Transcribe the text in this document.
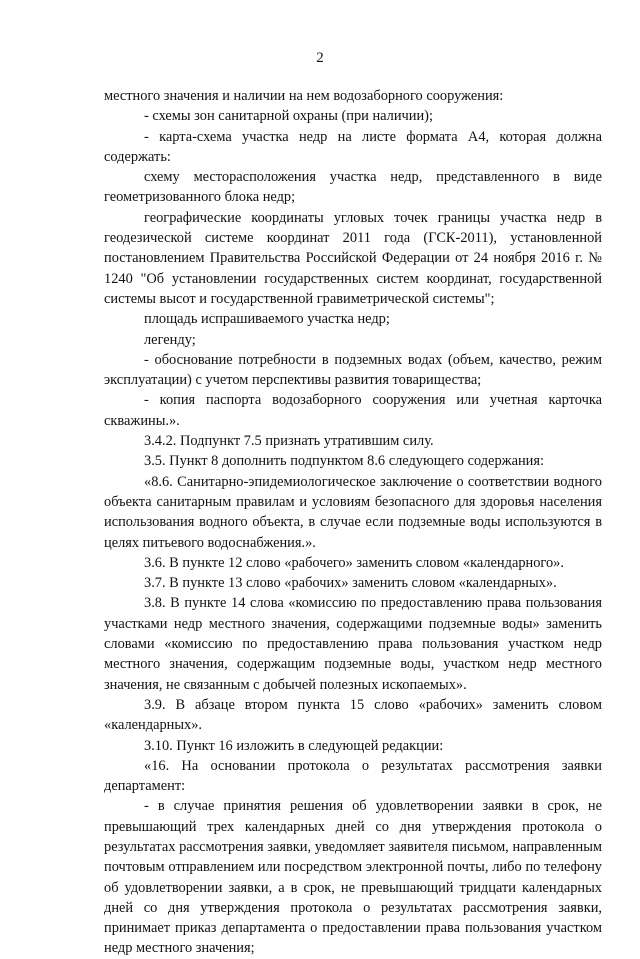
2

местного значения и наличии на нем водозаборного сооружения:

- схемы зон санитарной охраны (при наличии);

- карта-схема участка недр на листе формата А4, которая должна содержать:

схему месторасположения участка недр, представленного в виде геометризованного блока недр;

географические координаты угловых точек границы участка недр в геодезической системе координат 2011 года (ГСК-2011), установленной постановлением Правительства Российской Федерации от 24 ноября 2016 г. № 1240 "Об установлении государственных систем координат, государственной системы высот и государственной гравиметрической системы";

площадь испрашиваемого участка недр;

легенду;

- обоснование потребности в подземных водах (объем, качество, режим эксплуатации) с учетом перспективы развития товарищества;

- копия паспорта водозаборного сооружения или учетная карточка скважины.».

3.4.2. Подпункт 7.5 признать утратившим силу.

3.5. Пункт 8 дополнить подпунктом 8.6 следующего содержания:

«8.6. Санитарно-эпидемиологическое заключение о соответствии водного объекта санитарным правилам и условиям безопасного для здоровья населения использования водного объекта, в случае если подземные воды используются в целях питьевого водоснабжения.».

3.6. В пункте 12 слово «рабочего» заменить словом «календарного».

3.7. В пункте 13 слово «рабочих» заменить словом «календарных».

3.8. В пункте 14 слова «комиссию по предоставлению права пользования участками недр местного значения, содержащими подземные воды» заменить словами «комиссию по предоставлению права пользования участком недр местного значения, содержащим подземные воды, участком недр местного значения, не связанным с добычей полезных ископаемых».

3.9. В абзаце втором пункта 15 слово «рабочих» заменить словом «календарных».

3.10. Пункт 16 изложить в следующей редакции:

«16. На основании протокола о результатах рассмотрения заявки департамент:

- в случае принятия решения об удовлетворении заявки в срок, не превышающий трех календарных дней со дня утверждения протокола о результатах рассмотрения заявки, уведомляет заявителя письмом, направленным почтовым отправлением или посредством электронной почты, либо по телефону об удовлетворении заявки, а в срок, не превышающий тридцати календарных дней со дня утверждения протокола о результатах рассмотрения заявки, принимает приказ департамента о предоставлении права пользования участком недр местного значения;
